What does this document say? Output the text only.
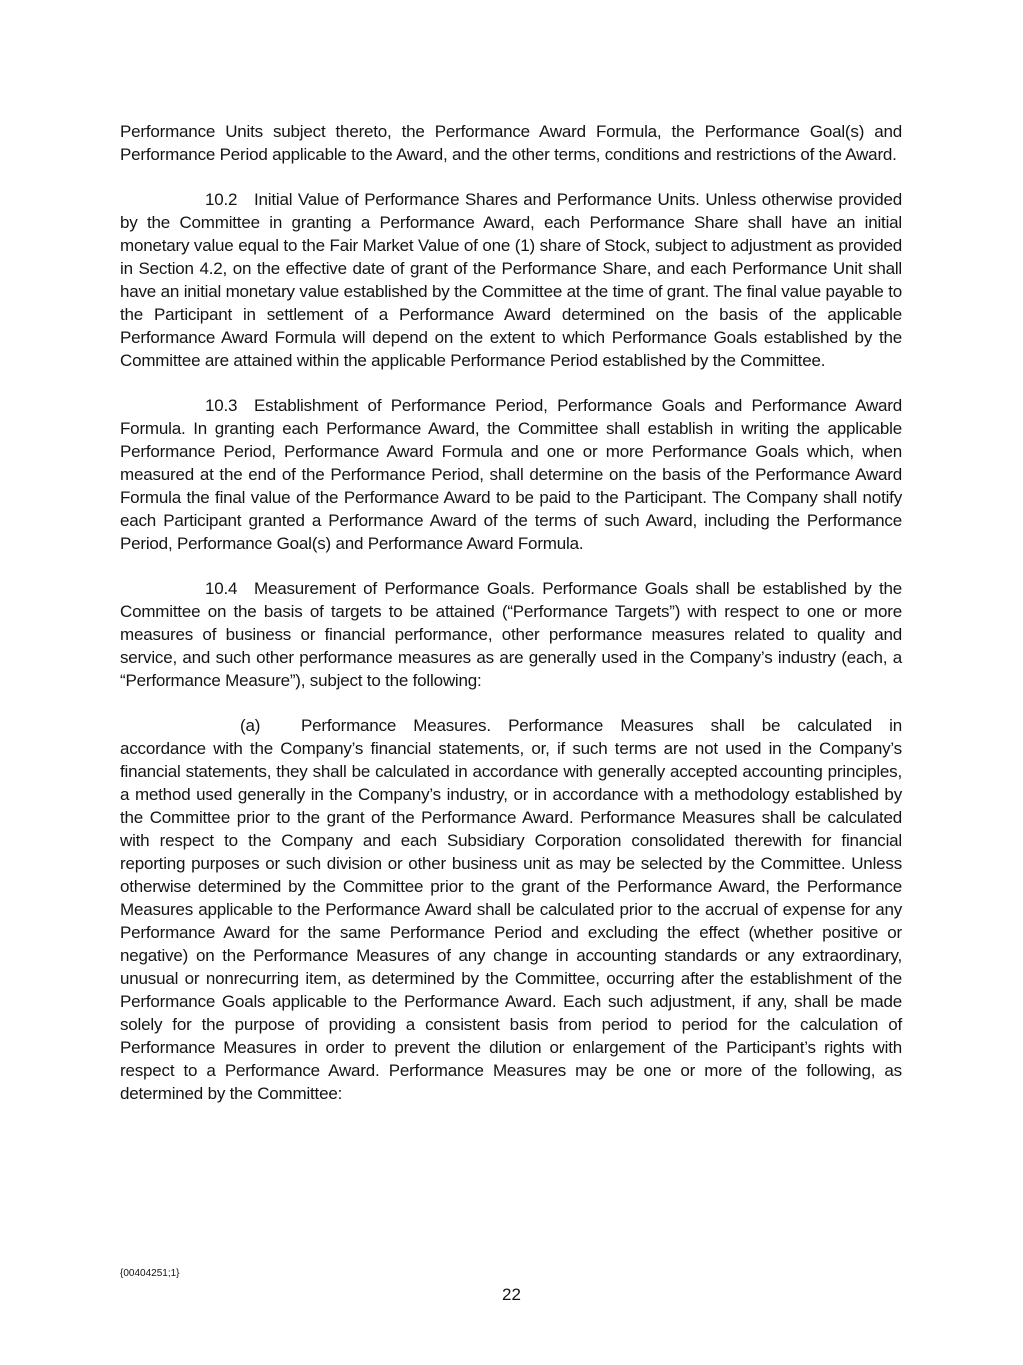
Performance Units subject thereto, the Performance Award Formula, the Performance Goal(s) and Performance Period applicable to the Award, and the other terms, conditions and restrictions of the Award.

10.2 Initial Value of Performance Shares and Performance Units. Unless otherwise provided by the Committee in granting a Performance Award, each Performance Share shall have an initial monetary value equal to the Fair Market Value of one (1) share of Stock, subject to adjustment as provided in Section 4.2, on the effective date of grant of the Performance Share, and each Performance Unit shall have an initial monetary value established by the Committee at the time of grant. The final value payable to the Participant in settlement of a Performance Award determined on the basis of the applicable Performance Award Formula will depend on the extent to which Performance Goals established by the Committee are attained within the applicable Performance Period established by the Committee.

10.3 Establishment of Performance Period, Performance Goals and Performance Award Formula. In granting each Performance Award, the Committee shall establish in writing the applicable Performance Period, Performance Award Formula and one or more Performance Goals which, when measured at the end of the Performance Period, shall determine on the basis of the Performance Award Formula the final value of the Performance Award to be paid to the Participant. The Company shall notify each Participant granted a Performance Award of the terms of such Award, including the Performance Period, Performance Goal(s) and Performance Award Formula.

10.4 Measurement of Performance Goals. Performance Goals shall be established by the Committee on the basis of targets to be attained (“Performance Targets”) with respect to one or more measures of business or financial performance, other performance measures related to quality and service, and such other performance measures as are generally used in the Company’s industry (each, a “Performance Measure”), subject to the following:

(a) Performance Measures. Performance Measures shall be calculated in accordance with the Company’s financial statements, or, if such terms are not used in the Company’s financial statements, they shall be calculated in accordance with generally accepted accounting principles, a method used generally in the Company’s industry, or in accordance with a methodology established by the Committee prior to the grant of the Performance Award. Performance Measures shall be calculated with respect to the Company and each Subsidiary Corporation consolidated therewith for financial reporting purposes or such division or other business unit as may be selected by the Committee. Unless otherwise determined by the Committee prior to the grant of the Performance Award, the Performance Measures applicable to the Performance Award shall be calculated prior to the accrual of expense for any Performance Award for the same Performance Period and excluding the effect (whether positive or negative) on the Performance Measures of any change in accounting standards or any extraordinary, unusual or nonrecurring item, as determined by the Committee, occurring after the establishment of the Performance Goals applicable to the Performance Award. Each such adjustment, if any, shall be made solely for the purpose of providing a consistent basis from period to period for the calculation of Performance Measures in order to prevent the dilution or enlargement of the Participant’s rights with respect to a Performance Award. Performance Measures may be one or more of the following, as determined by the Committee:

{00404251;1}
22
